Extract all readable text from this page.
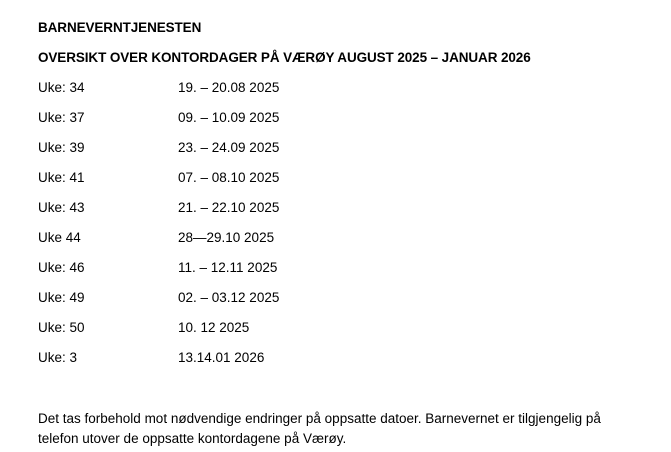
BARNEVERNTJENESTEN
OVERSIKT OVER KONTORDAGER PÅ VÆRØY AUGUST 2025 – JANUAR 2026
Uke: 34	19. – 20.08 2025
Uke: 37	09. – 10.09 2025
Uke: 39	23. – 24.09 2025
Uke: 41	07. – 08.10 2025
Uke: 43	21. – 22.10 2025
Uke 44	28—29.10 2025
Uke: 46	11. – 12.11 2025
Uke: 49	02. – 03.12 2025
Uke: 50	10. 12 2025
Uke: 3	13.14.01 2026
Det tas forbehold mot nødvendige endringer på oppsatte datoer. Barnevernet er tilgjengelig på
telefon utover de oppsatte kontordagene på Værøy.
